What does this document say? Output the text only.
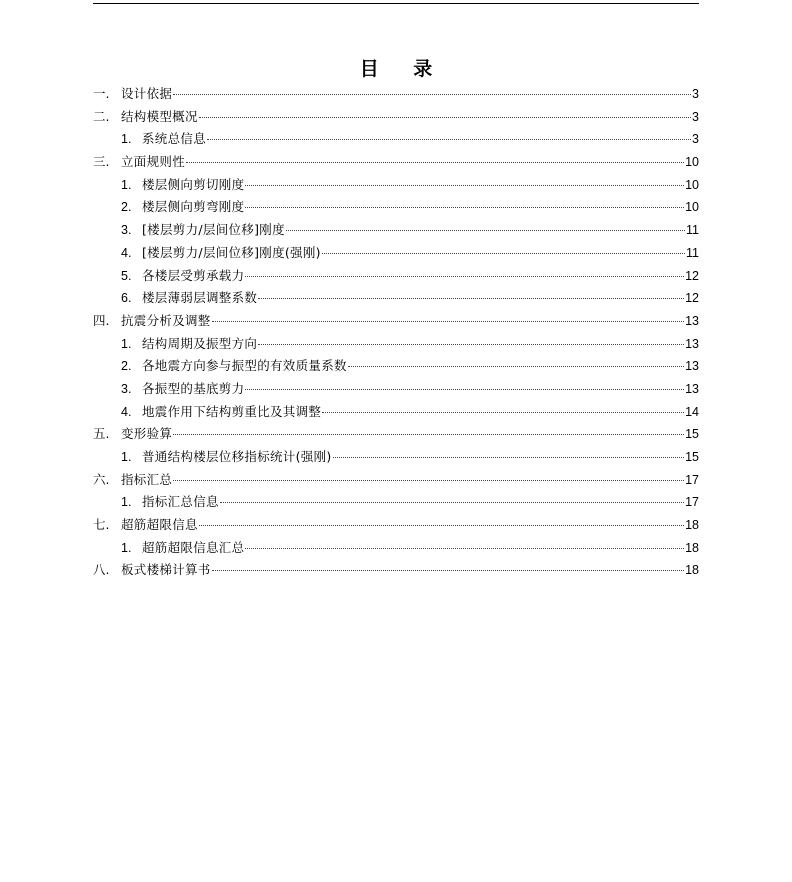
目 录
一. 设计依据	3
二. 结构模型概况	3
1. 系统总信息	3
三. 立面规则性	10
1. 楼层侧向剪切刚度	10
2. 楼层侧向剪弯刚度	10
3. [楼层剪力/层间位移]刚度	11
4. [楼层剪力/层间位移]刚度(强刚)	11
5. 各楼层受剪承载力	12
6. 楼层薄弱层调整系数	12
四. 抗震分析及调整	13
1. 结构周期及振型方向	13
2. 各地震方向参与振型的有效质量系数	13
3. 各振型的基底剪力	13
4. 地震作用下结构剪重比及其调整	14
五. 变形验算	15
1. 普通结构楼层位移指标统计(强刚)	15
六. 指标汇总	17
1. 指标汇总信息	17
七. 超筋超限信息	18
1. 超筋超限信息汇总	18
八. 板式楼梯计算书	18
